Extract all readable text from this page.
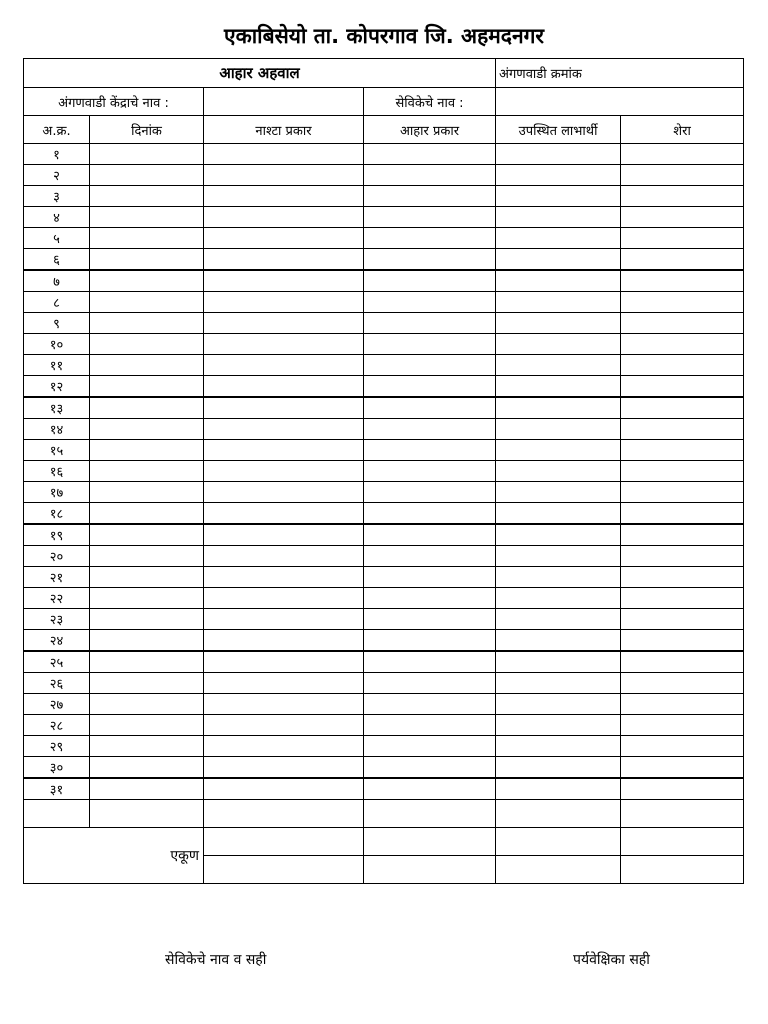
एकाबिसेयो ता. कोपरगाव जि. अहमदनगर
आहार अहवाल				अंगणवाडी क्रमांक	
अंगणवाडी केंद्राचे नाव :			सेविकेचे नाव :		
अ.क्र.	दिनांक	नाश्टा प्रकार	आहार प्रकार	उपस्थित लाभार्थी	शेरा
१					
२					
३					
४					
५					
६					
७					
८					
९					
१०					
११					
१२					
१३					
१४					
१५					
१६					
१७					
१८					
१९					
२०					
२१					
२२					
२३					
२४					
२५					
२६					
२७					
२८					
२९					
३०					
३१					

एकूण					

सेविकेचे नाव व सही	पर्यवेक्षिका सही
